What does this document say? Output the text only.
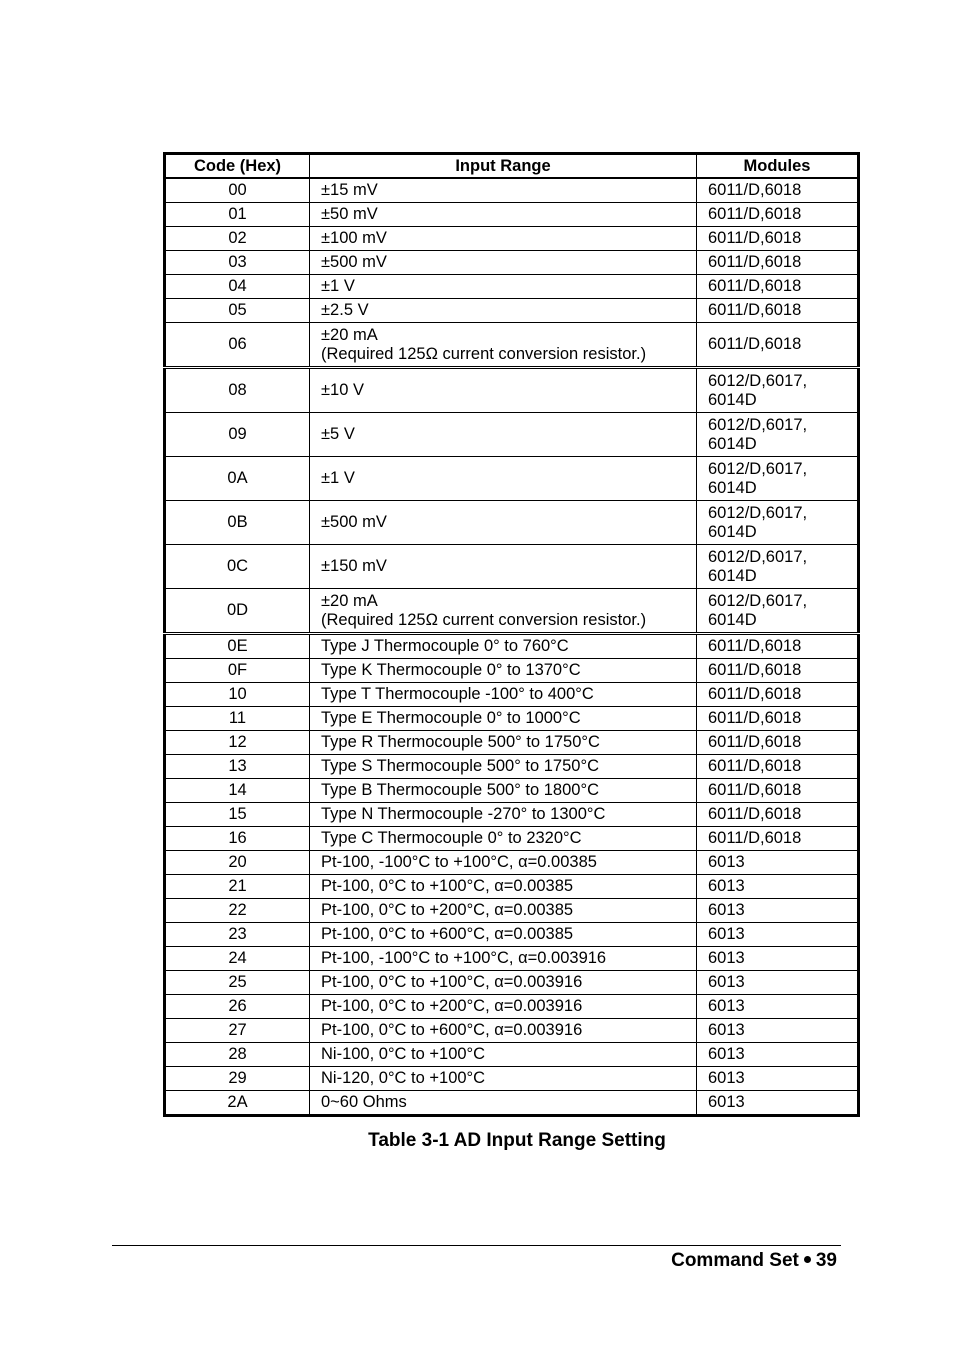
Code (Hex)	Input Range	Modules
00	±15 mV	6011/D,6018

01	±50 mV	6011/D,6018

02	±100 mV	6011/D,6018

03	±500 mV	6011/D,6018

04	±1 V	6011/D,6018

05	±2.5 V	6011/D,6018

06	±20 mA
(Required 125Ω current conversion resistor.)	6011/D,6018

08	±10 V	6012/D,6017,
6014D

09	±5 V	6012/D,6017,
6014D

0A	±1 V	6012/D,6017,
6014D

0B	±500 mV	6012/D,6017,
6014D

0C	±150 mV	6012/D,6017,
6014D

0D	±20 mA
(Required 125Ω current conversion resistor.)	6012/D,6017,
6014D

0E	Type J Thermocouple 0° to 760°C	6011/D,6018

0F	Type K Thermocouple 0° to 1370°C	6011/D,6018

10	Type T Thermocouple -100° to 400°C	6011/D,6018

11	Type E Thermocouple 0° to 1000°C	6011/D,6018

12	Type R Thermocouple 500° to 1750°C	6011/D,6018

13	Type S Thermocouple 500° to 1750°C	6011/D,6018

14	Type B Thermocouple 500° to 1800°C	6011/D,6018

15	Type N Thermocouple -270° to 1300°C	6011/D,6018

16	Type C Thermocouple 0° to 2320°C	6011/D,6018

20	Pt-100, -100°C to +100°C, α=0.00385	6013

21	Pt-100, 0°C to +100°C, α=0.00385	6013

22	Pt-100, 0°C to +200°C, α=0.00385	6013

23	Pt-100, 0°C to +600°C, α=0.00385	6013

24	Pt-100, -100°C to +100°C, α=0.003916	6013

25	Pt-100, 0°C to +100°C, α=0.003916	6013

26	Pt-100, 0°C to +200°C, α=0.003916	6013

27	Pt-100, 0°C to +600°C, α=0.003916	6013

28	Ni-100, 0°C to +100°C	6013

29	Ni-120, 0°C to +100°C	6013

2A	0~60 Ohms	6013
Table 3-1 AD Input Range Setting
Command Set 39
